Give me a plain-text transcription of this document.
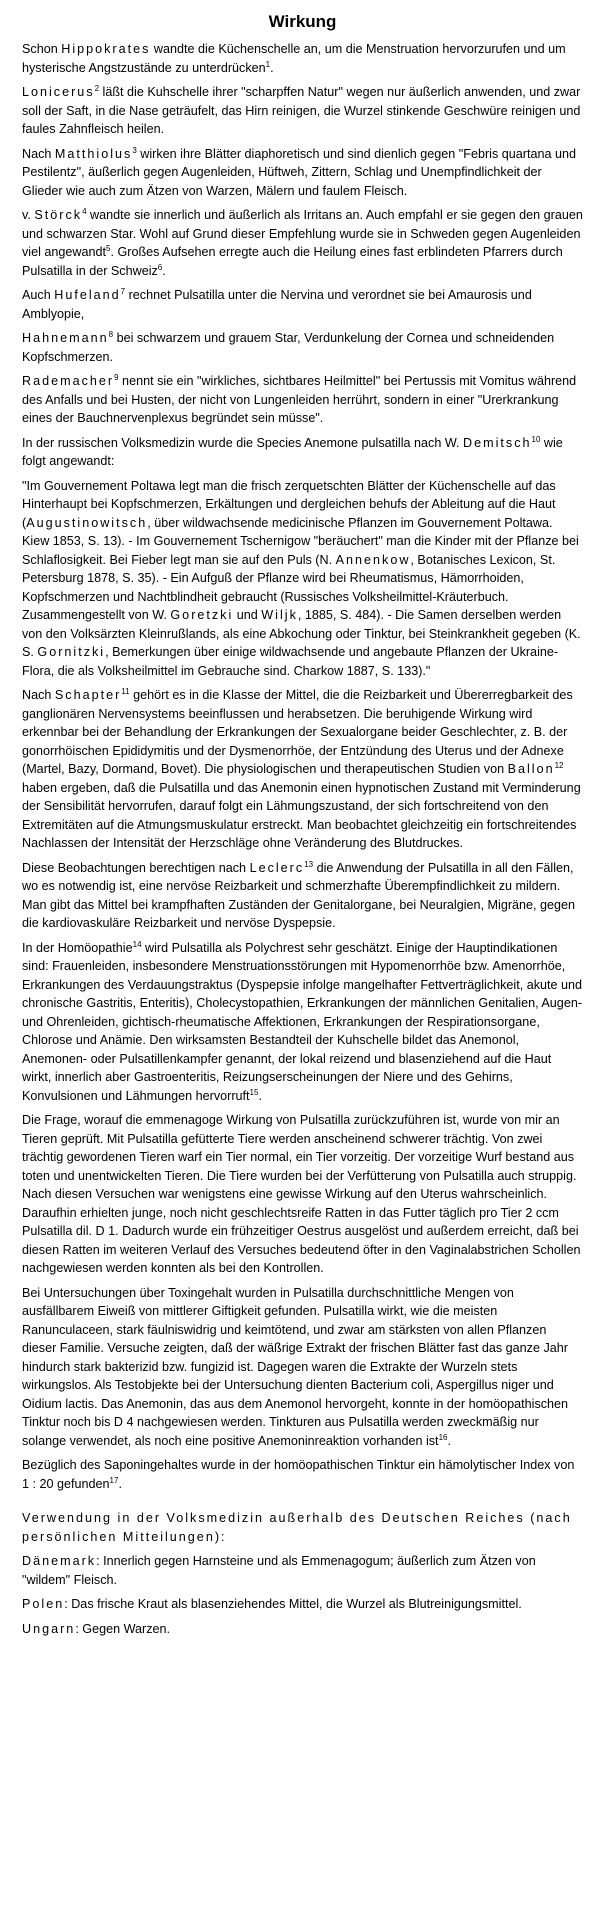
Wirkung

Schon Hippokrates wandte die Küchenschelle an, um die Menstruation hervorzurufen und um hysterische Angstzustände zu unterdrücken$^1$.

Lonicerus$^2$ läßt die Kuhschelle ihrer "scharpffen Natur" wegen nur äußerlich anwenden, und zwar soll der Saft, in die Nase geträufelt, das Hirn reinigen, die Wurzel stinkende Geschwüre reinigen und faules Zahnfleisch heilen.

Nach Matthiolus$^3$ wirken ihre Blätter diaphoretisch und sind dienlich gegen "Febris quartana und Pestilentz", äußerlich gegen Augenleiden, Hüftweh, Zittern, Schlag und Unempfindlichkeit der Glieder wie auch zum Ätzen von Warzen, Mälern und faulem Fleisch.

v. Störck$^4$ wandte sie innerlich und äußerlich als Irritans an. Auch empfahl er sie gegen den grauen und schwarzen Star. Wohl auf Grund dieser Empfehlung wurde sie in Schweden gegen Augenleiden viel angewandt$^5$. Großes Aufsehen erregte auch die Heilung eines fast erblindeten Pfarrers durch Pulsatilla in der Schweiz$^6$.

Auch Hufeland$^7$ rechnet Pulsatilla unter die Nervina und verordnet sie bei Amaurosis und Amblyopie,

Hahnemann$^8$ bei schwarzem und grauem Star, Verdunkelung der Cornea und schneidenden Kopfschmerzen.

Rademacher$^9$ nennt sie ein "wirkliches, sichtbares Heilmittel" bei Pertussis mit Vomitus während des Anfalls und bei Husten, der nicht von Lungenleiden herrührt, sondern in einer "Urerkrankung eines der Bauchnervenplexus begründet sein müsse".

In der russischen Volksmedizin wurde die Species Anemone pulsatilla nach W. Demitsch$^{10}$ wie folgt angewandt:

"Im Gouvernement Poltawa legt man die frisch zerquetschten Blätter der Küchenschelle auf das Hinterhaupt bei Kopfschmerzen, Erkältungen und dergleichen behufs der Ableitung auf die Haut (Augustinowitsch, über wildwachsende medicinische Pflanzen im Gouvernement Poltawa. Kiew 1853, S. 13). - Im Gouvernement Tschernigow "beräuchert" man die Kinder mit der Pflanze bei Schlaflosigkeit. Bei Fieber legt man sie auf den Puls (N. Annenkow, Botanisches Lexicon, St. Petersburg 1878, S. 35). - Ein Aufguß der Pflanze wird bei Rheumatismus, Hämorrhoiden, Kopfschmerzen und Nachtblindheit gebraucht (Russisches Volksheilmittel-Kräuterbuch. Zusammengestellt von W. Goretzki und Wiljk, 1885, S. 484). - Die Samen derselben werden von den Volksärzten Kleinrußlands, als eine Abkochung oder Tinktur, bei Steinkrankheit gegeben (K. S. Gornitzki, Bemerkungen über einige wildwachsende und angebaute Pflanzen der Ukraine-Flora, die als Volksheilmittel im Gebrauche sind. Charkow 1887, S. 133)."

Nach Schapter$^{11}$ gehört es in die Klasse der Mittel, die die Reizbarkeit und Übererregbarkeit des ganglionären Nervensystems beeinflussen und herabsetzen. Die beruhigende Wirkung wird erkennbar bei der Behandlung der Erkrankungen der Sexualorgane beider Geschlechter, z. B. der gonorrhöischen Epididymitis und der Dysmenorrhöe, der Entzündung des Uterus und der Adnexe (Martel, Bazy, Dormand, Bovet). Die physiologischen und therapeutischen Studien von Ballon$^{12}$ haben ergeben, daß die Pulsatilla und das Anemonin einen hypnotischen Zustand mit Verminderung der Sensibilität hervorrufen, darauf folgt ein Lähmungszustand, der sich fortschreitend von den Extremitäten auf die Atmungsmuskulatur erstreckt. Man beobachtet gleichzeitig ein fortschreitendes Nachlassen der Intensität der Herzschläge ohne Veränderung des Blutdruckes.

Diese Beobachtungen berechtigen nach Leclerc$^{13}$ die Anwendung der Pulsatilla in all den Fällen, wo es notwendig ist, eine nervöse Reizbarkeit und schmerzhafte Überempfindlichkeit zu mildern. Man gibt das Mittel bei krampfhaften Zuständen der Genitalorgane, bei Neuralgien, Migräne, gegen die kardiovaskuläre Reizbarkeit und nervöse Dyspepsie.

In der Homöopathie$^{14}$ wird Pulsatilla als Polychrest sehr geschätzt. Einige der Hauptindikationen sind: Frauenleiden, insbesondere Menstruationsstörungen mit Hypomenorrhöe bzw. Amenorrhöe, Erkrankungen des Verdauungstraktus (Dyspepsie infolge mangelhafter Fettverträglichkeit, akute und chronische Gastritis, Enteritis), Cholecystopathien, Erkrankungen der männlichen Genitalien, Augen- und Ohrenleiden, gichtisch-rheumatische Affektionen, Erkrankungen der Respirationsorgane, Chlorose und Anämie. Den wirksamsten Bestandteil der Kuhschelle bildet das Anemonol, Anemonen- oder Pulsatillenkampfer genannt, der lokal reizend und blasenziehend auf die Haut wirkt, innerlich aber Gastroenteritis, Reizungserscheinungen der Niere und des Gehirns, Konvulsionen und Lähmungen hervorruft$^{15}$.

Die Frage, worauf die emmenagoge Wirkung von Pulsatilla zurückzuführen ist, wurde von mir an Tieren geprüft. Mit Pulsatilla gefütterte Tiere werden anscheinend schwerer trächtig. Von zwei trächtig gewordenen Tieren warf ein Tier normal, ein Tier vorzeitig. Der vorzeitige Wurf bestand aus toten und unentwickelten Tieren. Die Tiere wurden bei der Verfütterung von Pulsatilla auch struppig. Nach diesen Versuchen war wenigstens eine gewisse Wirkung auf den Uterus wahrscheinlich. Daraufhin erhielten junge, noch nicht geschlechtsreife Ratten in das Futter täglich pro Tier 2 ccm Pulsatilla dil. D 1. Dadurch wurde ein frühzeitiger Oestrus ausgelöst und außerdem erreicht, daß bei diesen Ratten im weiteren Verlauf des Versuches bedeutend öfter in den Vaginalabstrichen Schollen nachgewiesen werden konnten als bei den Kontrollen.

Bei Untersuchungen über Toxingehalt wurden in Pulsatilla durchschnittliche Mengen von ausfällbarem Eiweiß von mittlerer Giftigkeit gefunden. Pulsatilla wirkt, wie die meisten Ranunculaceen, stark fäulniswidrig und keimtötend, und zwar am stärksten von allen Pflanzen dieser Familie. Versuche zeigten, daß der wäßrige Extrakt der frischen Blätter fast das ganze Jahr hindurch stark bakterizid bzw. fungizid ist. Dagegen waren die Extrakte der Wurzeln stets wirkungslos. Als Testobjekte bei der Untersuchung dienten Bacterium coli, Aspergillus niger und Oidium lactis. Das Anemonin, das aus dem Anemonol hervorgeht, konnte in der homöopathischen Tinktur noch bis D 4 nachgewiesen werden. Tinkturen aus Pulsatilla werden zweckmäßig nur solange verwendet, als noch eine positive Anemoninreaktion vorhanden ist$^{16}$.

Bezüglich des Saponingehaltes wurde in der homöopathischen Tinktur ein hämolytischer Index von 1 : 20 gefunden$^{17}$.

Verwendung in der Volksmedizin außerhalb des Deutschen Reiches (nach persönlichen Mitteilungen):

Dänemark: Innerlich gegen Harnsteine und als Emmenagogum; äußerlich zum Ätzen von "wildem" Fleisch.

Polen: Das frische Kraut als blasenziehendes Mittel, die Wurzel als Blutreinigungsmittel.

Ungarn: Gegen Warzen.
